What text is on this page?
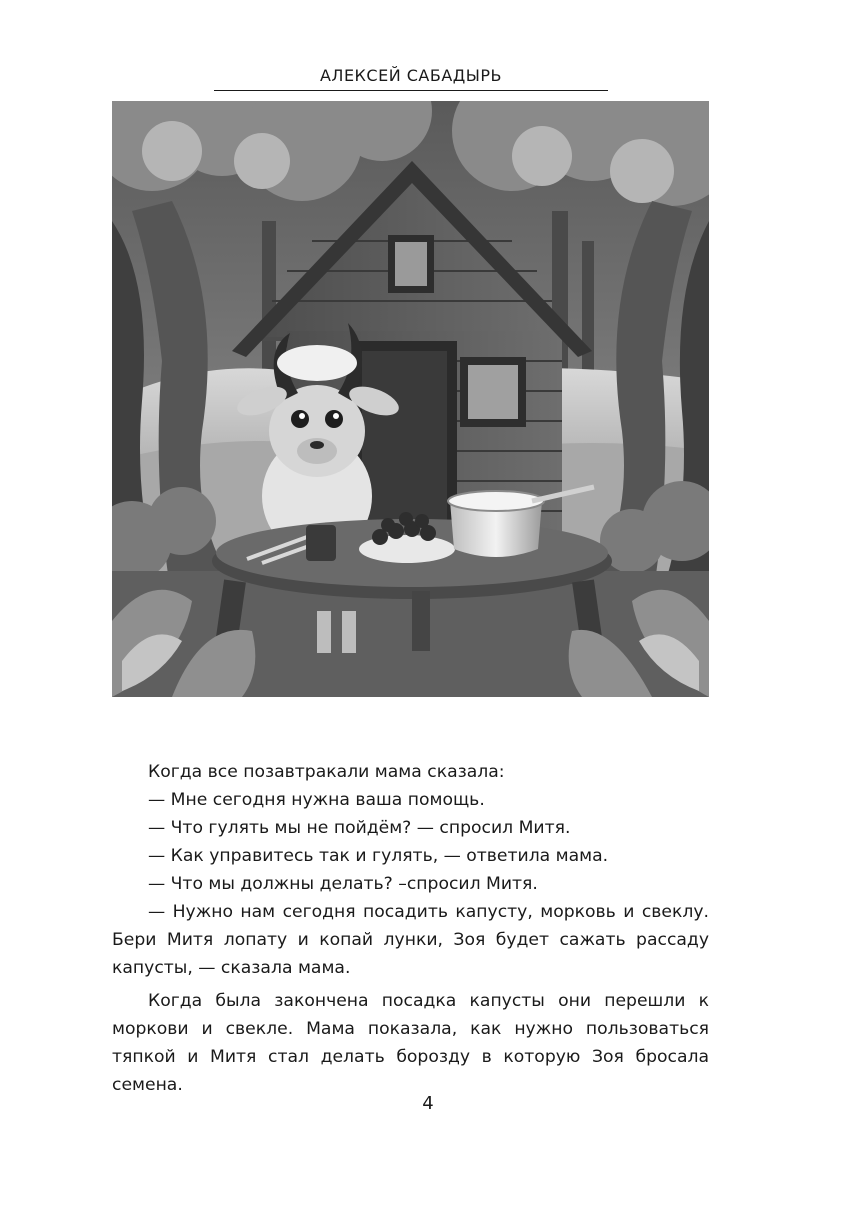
АЛЕКСЕЙ САБАДЫРЬ

Когда все позавтракали мама сказала:

— Мне сегодня нужна ваша помощь.

— Что гулять мы не пойдём? — спросил Митя.

— Как управитесь так и гулять, — ответила мама.

— Что мы должны делать? –спросил Митя.

— Нужно нам сегодня посадить капусту, морковь и свеклу. Бери Митя лопату и копай лунки, Зоя будет сажать рассаду капусты, — сказала мама.

Когда была закончена посадка капусты они перешли к моркови и свекле. Мама показала, как нужно пользоваться тяпкой и Митя стал делать борозду в которую Зоя бросала семена.

4
